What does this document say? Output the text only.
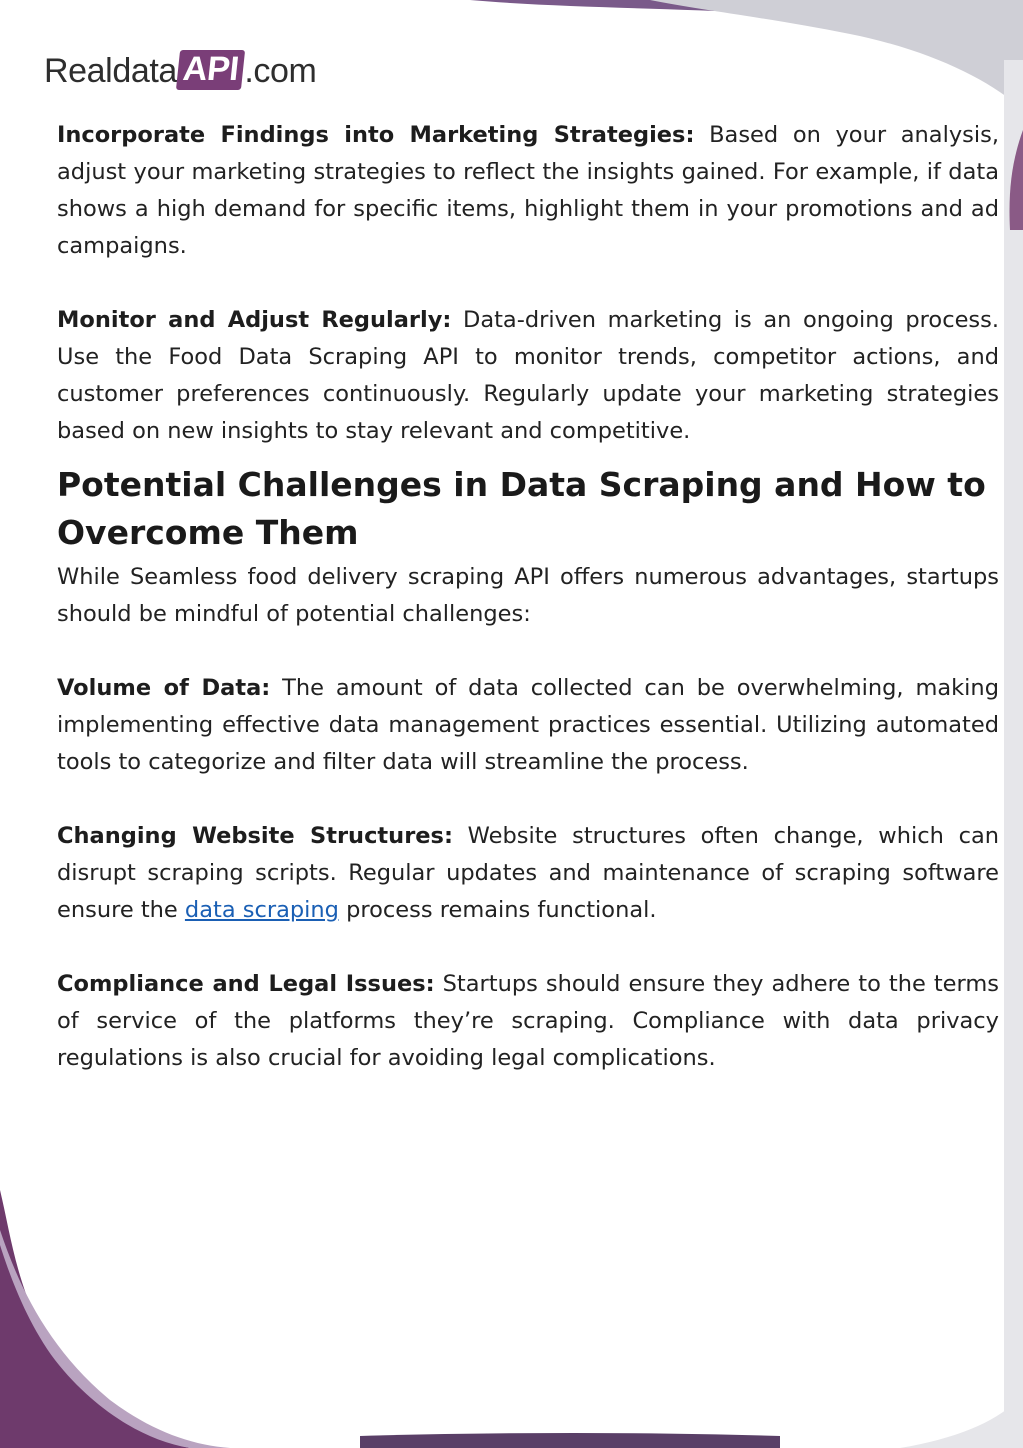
Realdata API .com

Incorporate Findings into Marketing Strategies: Based on your analysis, adjust your marketing strategies to reflect the insights gained. For example, if data shows a high demand for specific items, highlight them in your promotions and ad campaigns.

Monitor and Adjust Regularly: Data-driven marketing is an ongoing process. Use the Food Data Scraping API to monitor trends, competitor actions, and customer preferences continuously. Regularly update your marketing strategies based on new insights to stay relevant and competitive.

Potential Challenges in Data Scraping and How to Overcome Them

While Seamless food delivery scraping API offers numerous advantages, startups should be mindful of potential challenges:

Volume of Data: The amount of data collected can be overwhelming, making implementing effective data management practices essential. Utilizing automated tools to categorize and filter data will streamline the process.

Changing Website Structures: Website structures often change, which can disrupt scraping scripts. Regular updates and maintenance of scraping software ensure the data scraping process remains functional.

Compliance and Legal Issues: Startups should ensure they adhere to the terms of service of the platforms they’re scraping. Compliance with data privacy regulations is also crucial for avoiding legal complications.
